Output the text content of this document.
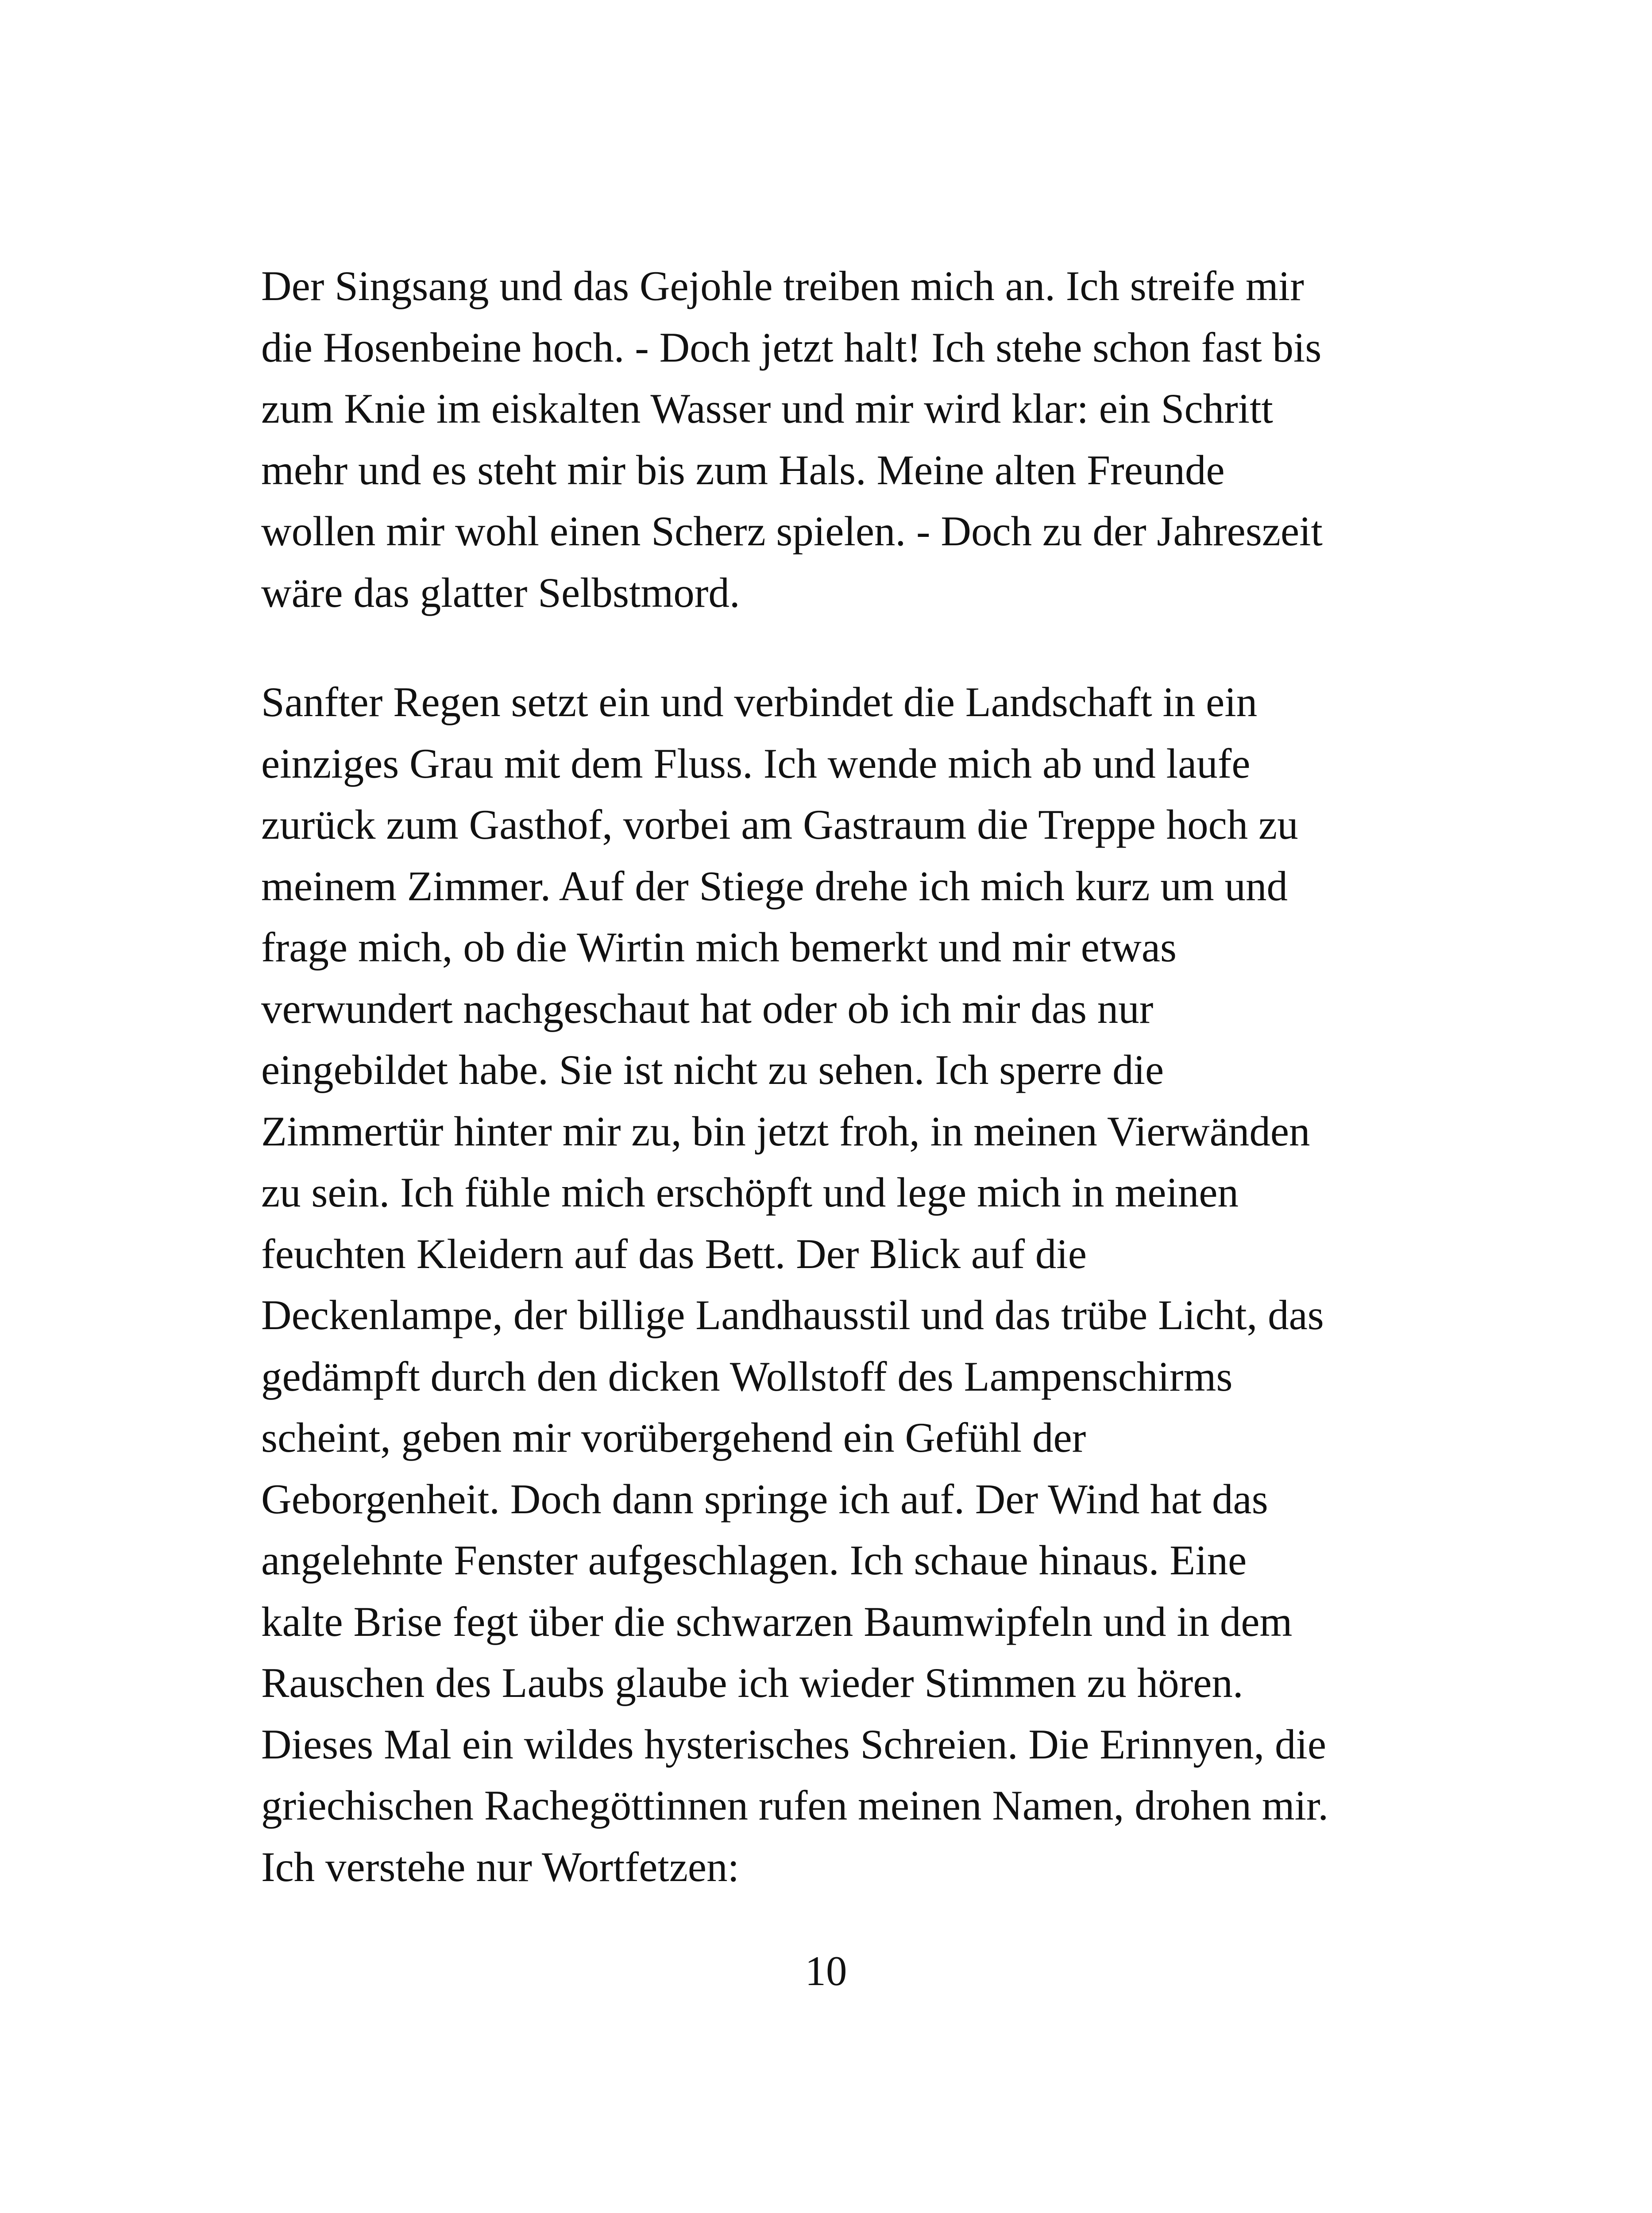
Der Singsang und das Gejohle treiben mich an. Ich streife mir
die Hosenbeine hoch. - Doch jetzt halt! Ich stehe schon fast bis
zum Knie im eiskalten Wasser und mir wird klar: ein Schritt
mehr und es steht mir bis zum Hals. Meine alten Freunde
wollen mir wohl einen Scherz spielen. - Doch zu der Jahreszeit
wäre das glatter Selbstmord.
Sanfter Regen setzt ein und verbindet die Landschaft in ein
einziges Grau mit dem Fluss. Ich wende mich ab und laufe
zurück zum Gasthof, vorbei am Gastraum die Treppe hoch zu
meinem Zimmer. Auf der Stiege drehe ich mich kurz um und
frage mich, ob die Wirtin mich bemerkt und mir etwas
verwundert nachgeschaut hat oder ob ich mir das nur
eingebildet habe. Sie ist nicht zu sehen. Ich sperre die
Zimmertür hinter mir zu, bin jetzt froh, in meinen Vierwänden
zu sein. Ich fühle mich erschöpft und lege mich in meinen
feuchten Kleidern auf das Bett. Der Blick auf die
Deckenlampe, der billige Landhausstil und das trübe Licht, das
gedämpft durch den dicken Wollstoff des Lampenschirms
scheint, geben mir vorübergehend ein Gefühl der
Geborgenheit. Doch dann springe ich auf. Der Wind hat das
angelehnte Fenster aufgeschlagen. Ich schaue hinaus. Eine
kalte Brise fegt über die schwarzen Baumwipfeln und in dem
Rauschen des Laubs glaube ich wieder Stimmen zu hören.
Dieses Mal ein wildes hysterisches Schreien. Die Erinnyen, die
griechischen Rachegöttinnen rufen meinen Namen, drohen mir.
Ich verstehe nur Wortfetzen:
10
